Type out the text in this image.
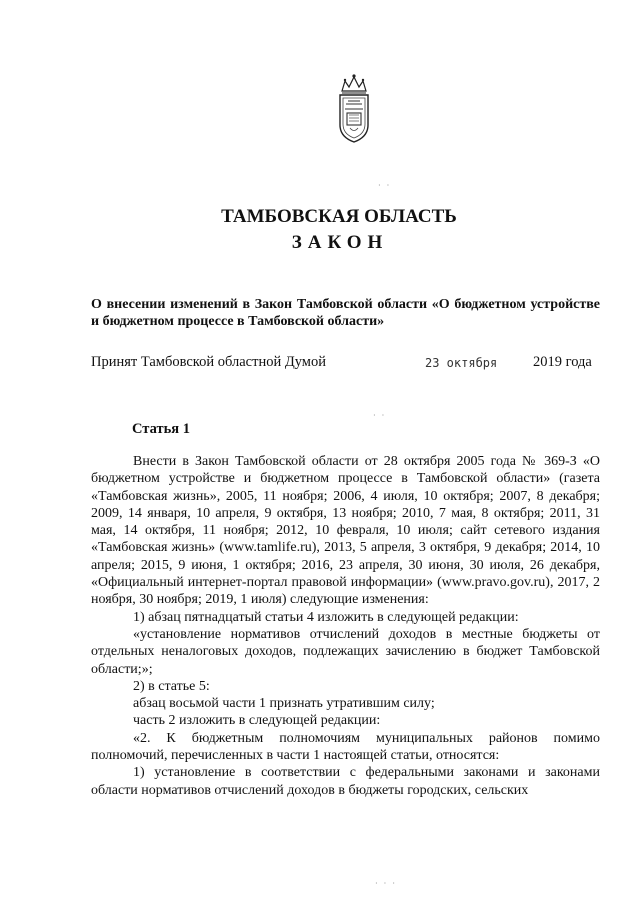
· ·
· ·
· · ·
ТАМБОВСКАЯ ОБЛАСТЬ
ЗАКОН
О внесении изменений в Закон Тамбовской области «О бюджетном устройстве и бюджетном процессе в Тамбовской области»
Принят Тамбовской областной Думой	23 октября 2019 года
Статья 1

Внести в Закон Тамбовской области от 28 октября 2005 года № 369-З «О бюджетном устройстве и бюджетном процессе в Тамбовской области» (газета «Тамбовская жизнь», 2005, 11 ноября; 2006, 4 июля, 10 октября; 2007, 8 декабря; 2009, 14 января, 10 апреля, 9 октября, 13 ноября; 2010, 7 мая, 8 октября; 2011, 31 мая, 14 октября, 11 ноября; 2012, 10 февраля, 10 июля; сайт сетевого издания «Тамбовская жизнь» (www.tamlife.ru), 2013, 5 апреля, 3 октября, 9 декабря; 2014, 10 апреля; 2015, 9 июня, 1 октября; 2016, 23 апреля, 30 июня, 30 июля, 26 декабря, «Официальный интернет-портал правовой информации» (www.pravo.gov.ru), 2017, 2 ноября, 30 ноября; 2019, 1 июля) следующие изменения:

1) абзац пятнадцатый статьи 4 изложить в следующей редакции:

«установление нормативов отчислений доходов в местные бюджеты от отдельных неналоговых доходов, подлежащих зачислению в бюджет Тамбовской области;»;

2) в статье 5:

абзац восьмой части 1 признать утратившим силу;

часть 2 изложить в следующей редакции:

«2. К бюджетным полномочиям муниципальных районов помимо полномочий, перечисленных в части 1 настоящей статьи, относятся:

1) установление в соответствии с федеральными законами и законами области нормативов отчислений доходов в бюджеты городских, сельских
